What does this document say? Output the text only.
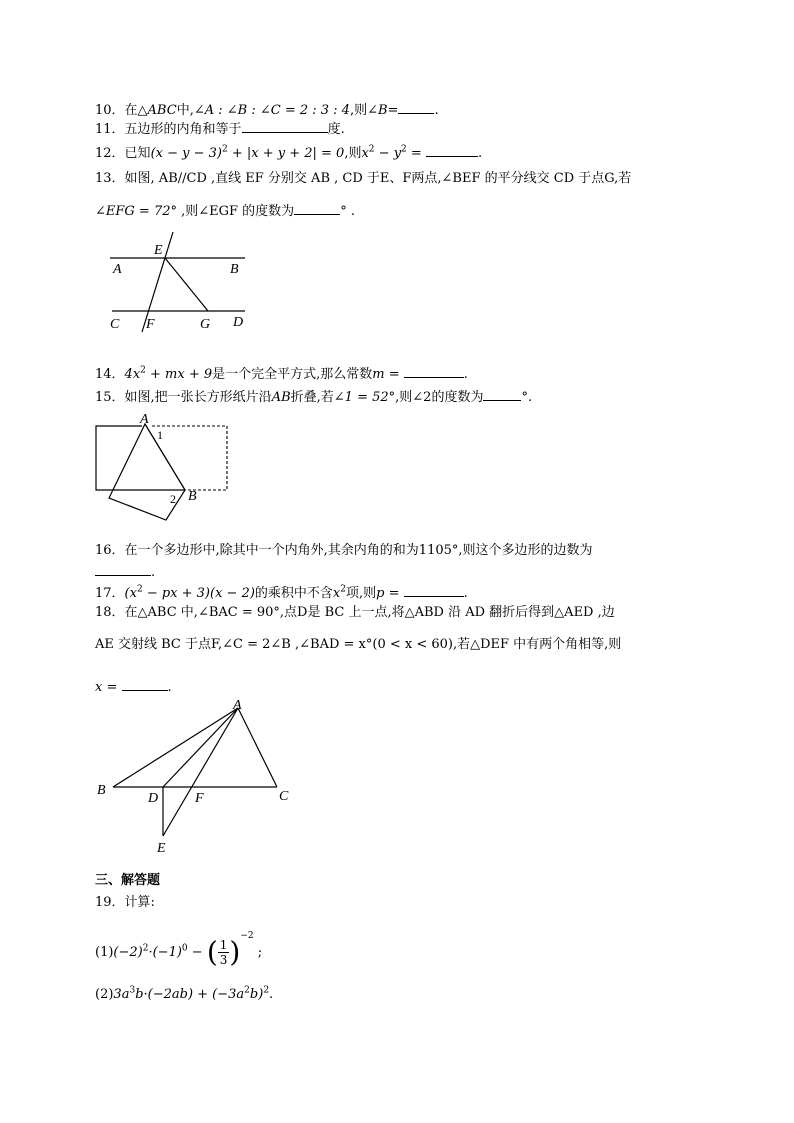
10．在△ABC中,∠A : ∠B : ∠C = 2 : 3 : 4,则∠B=	.
11．五边形的内角和等于	度.
12．已知$(x - y - 3)^2 + |x + y + 2| = 0$,则$x^2 - y^2$ =	.
13．如图, AB//CD ,直线 EF 分别交 AB , CD 于E、F两点,∠BEF 的平分线交 CD 于点G,若
∠EFG = 72° ,则∠EGF 的度数为	° .
A	B
E
C F	G D
14．$4x^2$ + mx + 9是一个完全平方式,那么常数m =	.
15．如图,把一张长方形纸片沿AB折叠,若∠1 = 52°,则∠2的度数为	°.
A
B
1
2
16．在一个多边形中,除其中一个内角外,其余内角的和为1105°,则这个多边形的边数为
.
17．($x^2$ − px + 3)(x − 2)的乘积中不含$x^2$项,则p =	.
18．在△ABC 中,∠BAC = 90°,点D是 BC 上一点,将△ABD 沿 AD 翻折后得到△AED ,边
AE 交射线 BC 于点F,∠C = 2∠B ,∠BAD = x°(0 < x < 60),若△DEF 中有两个角相等,则
x =	.
A
B	C
D	F
E
三、解答题
19．计算:
$(1)(-2)^2\cdot(-1)^0$ − ( $\frac{1}{3} )^{-2}$ ;
$(2)3a^3b\cdot(-2ab) + (-3a^2b)^2$.
